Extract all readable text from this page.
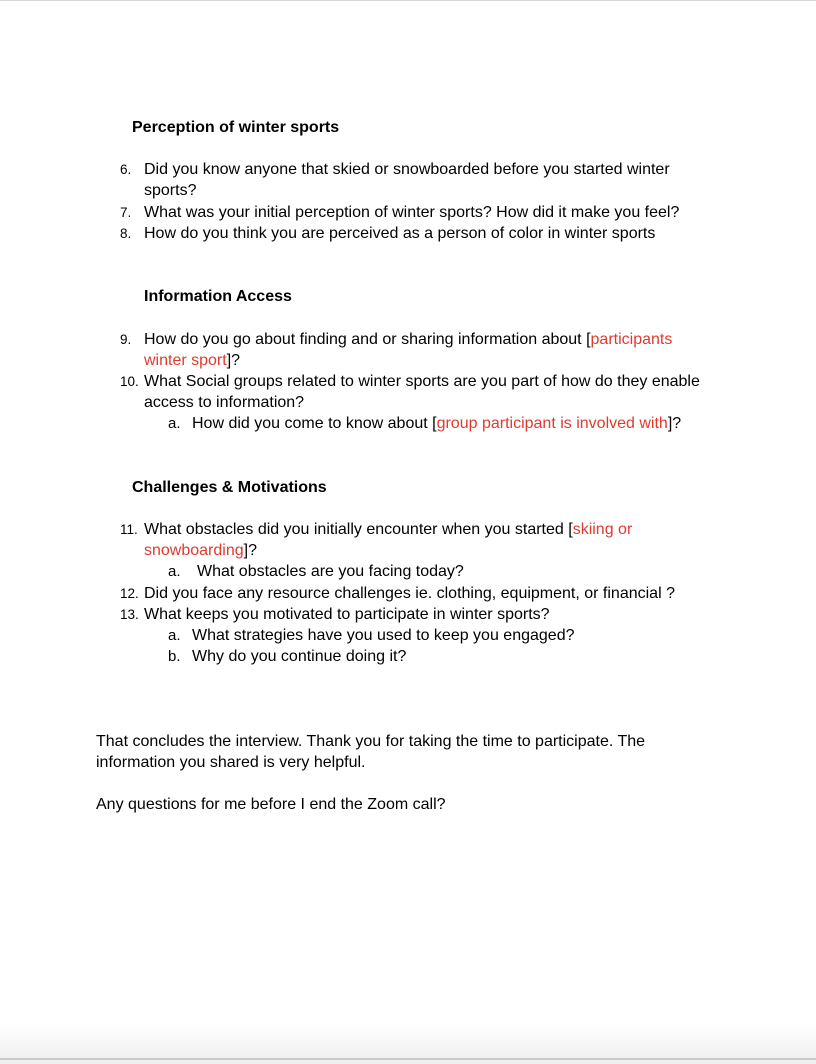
Perception of winter sports
6. Did you know anyone that skied or snowboarded before you started winter sports?
7. What was your initial perception of winter sports? How did it make you feel?
8. How do you think you are perceived as a person of color in winter sports
Information Access
9. How do you go about finding and or sharing information about [participants winter sport]?
10. What Social groups related to winter sports are you part of how do they enable access to information?
a. How did you come to know about [group participant is involved with]?
Challenges & Motivations
11. What obstacles did you initially encounter when you started [skiing or snowboarding]?
a. What obstacles are you facing today?
12. Did you face any resource challenges ie. clothing, equipment, or financial ?
13. What keeps you motivated to participate in winter sports?
a. What strategies have you used to keep you engaged?
b. Why do you continue doing it?

That concludes the interview. Thank you for taking the time to participate. The information you shared is very helpful.

Any questions for me before I end the Zoom call?
